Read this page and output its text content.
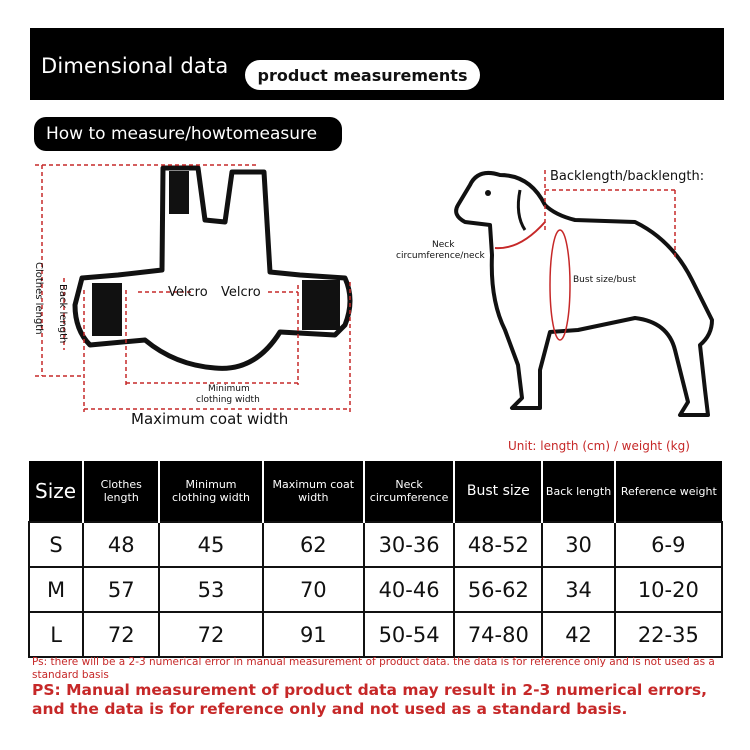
Dimensional data	product measurements
How to measure/howtomeasure
Clothes length Back length	Velcro Velcro
Minimum
clothing width
Maximum coat width
Backlength/backlength:
Neck
circumference/neck
Bust size/bust
Unit: length (cm) / weight (kg)
Size	Clothes length	Minimum clothing width	Maximum coat width	Neck circumference	Bust size	Back length	Reference weight
S	48	45	62	30-36	48-52	30	6-9
M	57	53	70	40-46	56-62	34	10-20
L	72	72	91	50-54	74-80	42	22-35
Ps: there will be a 2-3 numerical error in manual measurement of product data. the data is for reference only and is not used as a standard basis
PS: Manual measurement of product data may result in 2-3 numerical errors, and the data is for reference only and not used as a standard basis.
